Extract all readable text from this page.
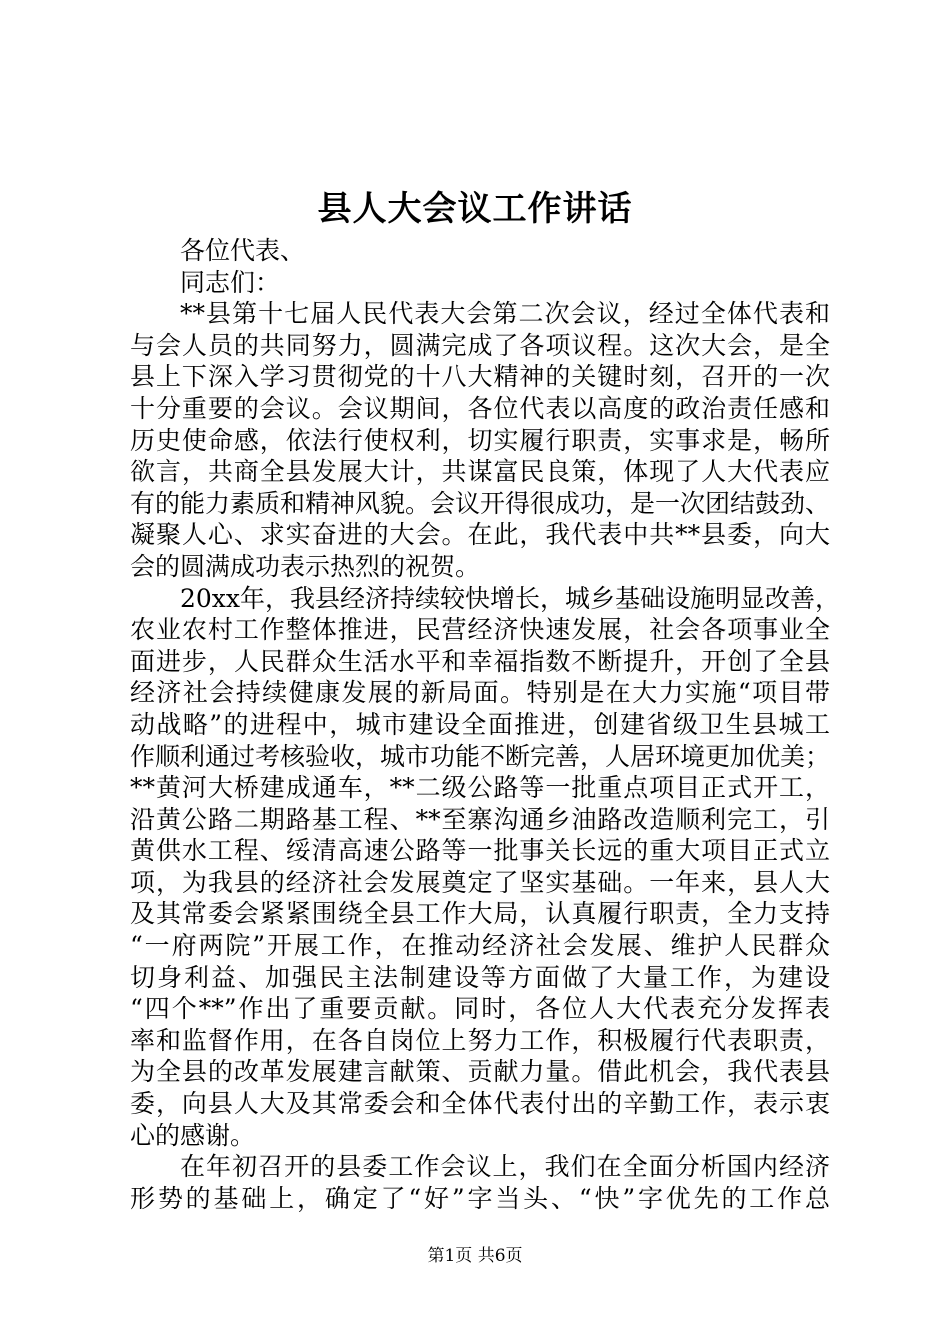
县人大会议工作讲话
各位代表、
同志们：
**县第十七届人民代表大会第二次会议，经过全体代表和
与会人员的共同努力，圆满完成了各项议程。这次大会，是全
县上下深入学习贯彻党的十八大精神的关键时刻，召开的一次
十分重要的会议。会议期间，各位代表以高度的政治责任感和
历史使命感，依法行使权利，切实履行职责，实事求是，畅所
欲言，共商全县发展大计，共谋富民良策，体现了人大代表应
有的能力素质和精神风貌。会议开得很成功，是一次团结鼓劲、
凝聚人心、求实奋进的大会。在此，我代表中共**县委，向大
会的圆满成功表示热烈的祝贺。
20xx年，我县经济持续较快增长，城乡基础设施明显改善，
农业农村工作整体推进，民营经济快速发展，社会各项事业全
面进步，人民群众生活水平和幸福指数不断提升，开创了全县
经济社会持续健康发展的新局面。特别是在大力实施“项目带
动战略”的进程中，城市建设全面推进，创建省级卫生县城工
作顺利通过考核验收，城市功能不断完善，人居环境更加优美；
**黄河大桥建成通车，**二级公路等一批重点项目正式开工，
沿黄公路二期路基工程、**至寨沟通乡油路改造顺利完工，引
黄供水工程、绥清高速公路等一批事关长远的重大项目正式立
项，为我县的经济社会发展奠定了坚实基础。一年来，县人大
及其常委会紧紧围绕全县工作大局，认真履行职责，全力支持
“一府两院”开展工作，在推动经济社会发展、维护人民群众
切身利益、加强民主法制建设等方面做了大量工作，为建设
“四个**”作出了重要贡献。同时，各位人大代表充分发挥表
率和监督作用，在各自岗位上努力工作，积极履行代表职责，
为全县的改革发展建言献策、贡献力量。借此机会，我代表县
委，向县人大及其常委会和全体代表付出的辛勤工作，表示衷
心的感谢。
在年初召开的县委工作会议上，我们在全面分析国内经济
形势的基础上，确定了“好”字当头、“快”字优先的工作总
第1页 共6页
